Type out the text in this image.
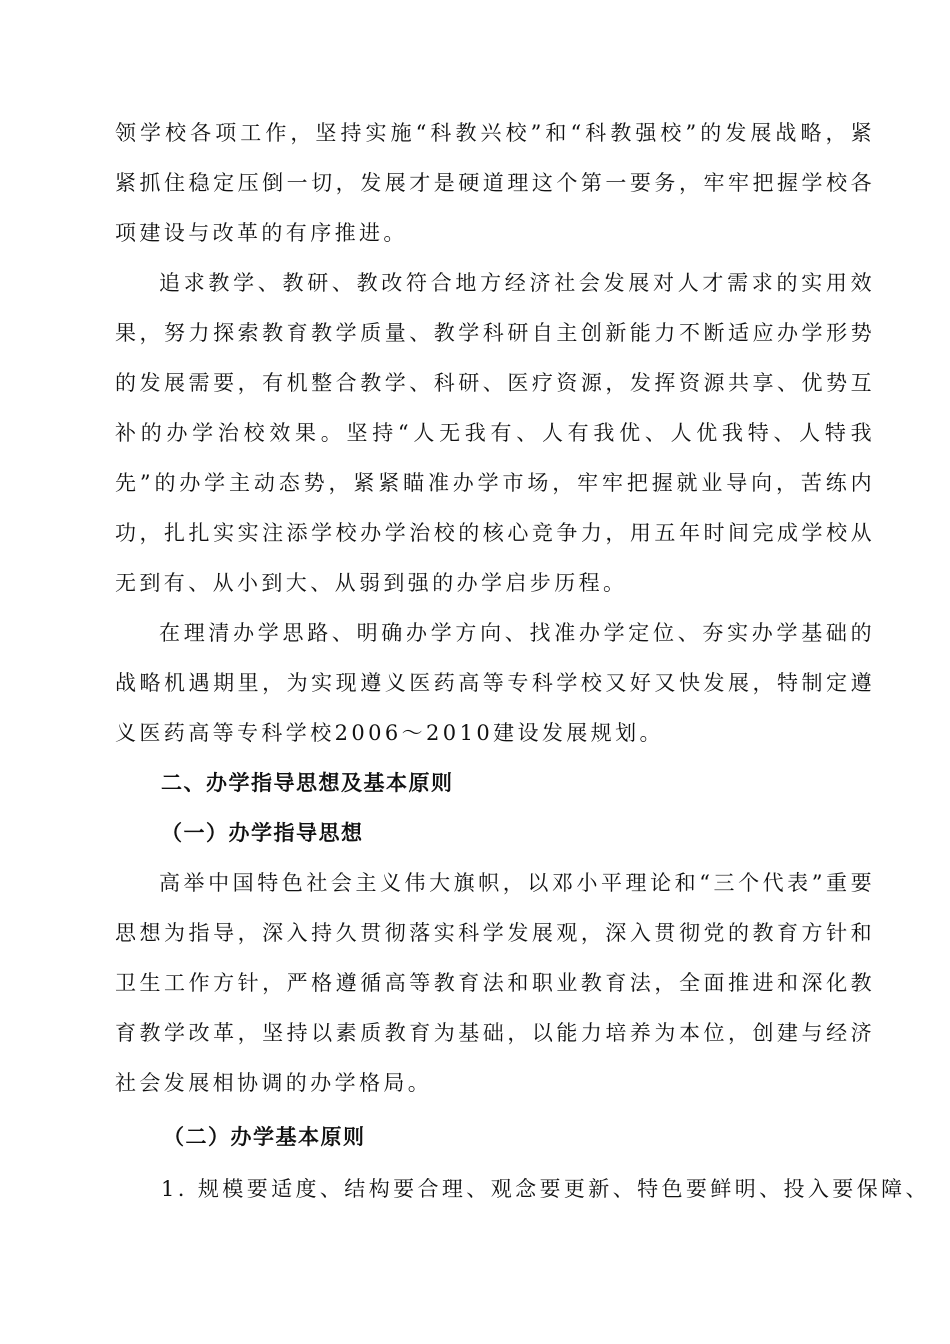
领学校各项工作，坚持实施“科教兴校”和“科教强校”的发展战略，紧紧抓住稳定压倒一切，发展才是硬道理这个第一要务，牢牢把握学校各项建设与改革的有序推进。

追求教学、教研、教改符合地方经济社会发展对人才需求的实用效果，努力探索教育教学质量、教学科研自主创新能力不断适应办学形势的发展需要，有机整合教学、科研、医疗资源，发挥资源共享、优势互补的办学治校效果。坚持“人无我有、人有我优、人优我特、人特我先”的办学主动态势，紧紧瞄准办学市场，牢牢把握就业导向，苦练内功，扎扎实实注添学校办学治校的核心竞争力，用五年时间完成学校从无到有、从小到大、从弱到强的办学启步历程。

在理清办学思路、明确办学方向、找准办学定位、夯实办学基础的战略机遇期里，为实现遵义医药高等专科学校又好又快发展，特制定遵义医药高等专科学校2006～2010建设发展规划。

二、办学指导思想及基本原则
（一）办学指导思想

高举中国特色社会主义伟大旗帜，以邓小平理论和“三个代表”重要思想为指导，深入持久贯彻落实科学发展观，深入贯彻党的教育方针和卫生工作方针，严格遵循高等教育法和职业教育法，全面推进和深化教育教学改革，坚持以素质教育为基础，以能力培养为本位，创建与经济社会发展相协调的办学格局。

（二）办学基本原则

1. 规模要适度、结构要合理、观念要更新、特色要鲜明、投入要保障、
